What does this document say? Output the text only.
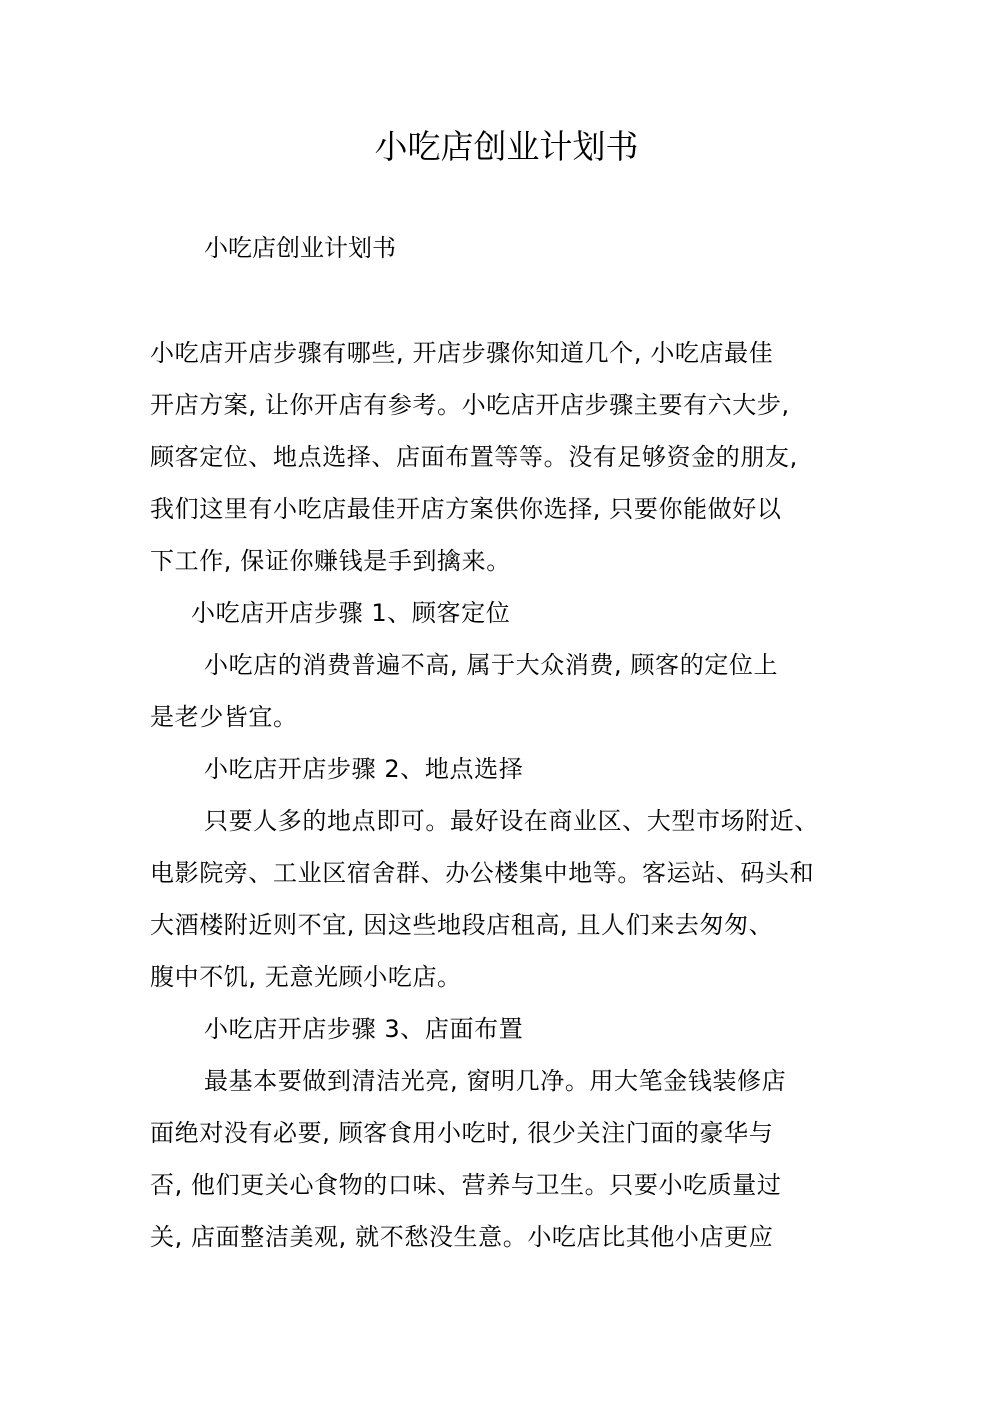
小吃店创业计划书
小吃店创业计划书
小吃店开店步骤有哪些, 开店步骤你知道几个, 小吃店最佳
开店方案, 让你开店有参考。小吃店开店步骤主要有六大步,
顾客定位、地点选择、店面布置等等。没有足够资金的朋友,
我们这里有小吃店最佳开店方案供你选择, 只要你能做好以
下工作, 保证你赚钱是手到擒来。
小吃店开店步骤 1、顾客定位
小吃店的消费普遍不高, 属于大众消费, 顾客的定位上
是老少皆宜。
小吃店开店步骤 2、地点选择
只要人多的地点即可。最好设在商业区、大型市场附近、
电影院旁、工业区宿舍群、办公楼集中地等。客运站、码头和
大酒楼附近则不宜, 因这些地段店租高, 且人们来去匆匆、
腹中不饥, 无意光顾小吃店。
小吃店开店步骤 3、店面布置
最基本要做到清洁光亮, 窗明几净。用大笔金钱装修店
面绝对没有必要, 顾客食用小吃时, 很少关注门面的豪华与
否, 他们更关心食物的口味、营养与卫生。只要小吃质量过
关, 店面整洁美观, 就不愁没生意。小吃店比其他小店更应
